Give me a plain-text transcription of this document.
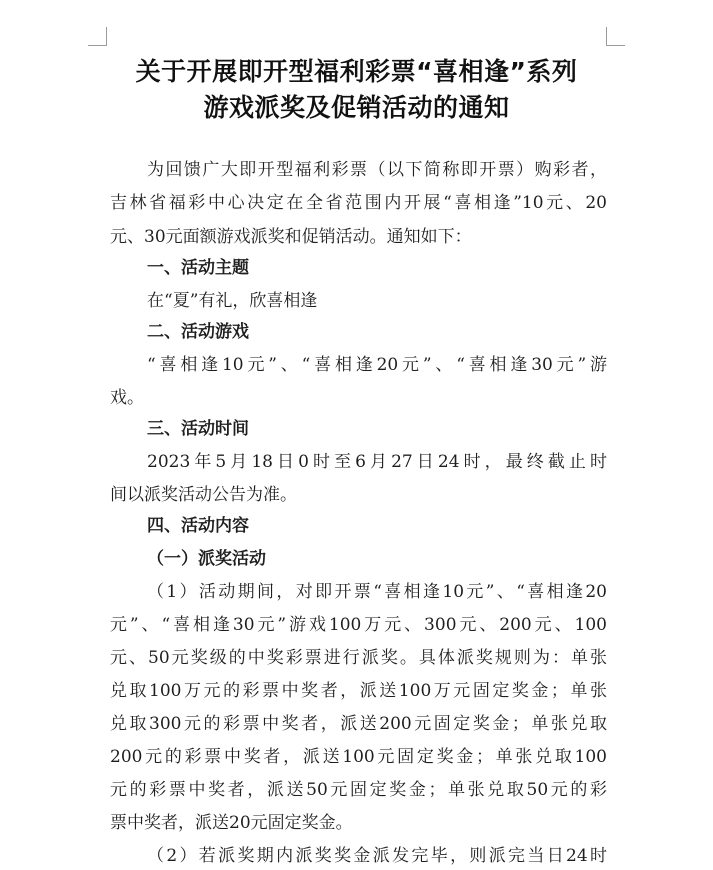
关于开展即开型福利彩票“喜相逢”系列
游戏派奖及促销活动的通知
为回馈广大即开型福利彩票（以下简称即开票）购彩者，
吉林省福彩中心决定在全省范围内开展“喜相逢”10元、20
元、30元面额游戏派奖和促销活动。通知如下：
一、活动主题
在“夏”有礼，欣喜相逢
二、活动游戏
“喜相逢10元”、“喜相逢20元”、“喜相逢30元”游
戏。
三、活动时间
2023年5月18日0时至6月27日24时，最终截止时
间以派奖活动公告为准。
四、活动内容
（一）派奖活动
（1）活动期间，对即开票“喜相逢10元”、“喜相逢20
元”、“喜相逢30元”游戏100万元、300元、200元、100
元、50元奖级的中奖彩票进行派奖。具体派奖规则为：单张
兑取100万元的彩票中奖者，派送100万元固定奖金；单张
兑取300元的彩票中奖者，派送200元固定奖金；单张兑取
200元的彩票中奖者，派送100元固定奖金；单张兑取100
元的彩票中奖者，派送50元固定奖金；单张兑取50元的彩
票中奖者，派送20元固定奖金。
（2）若派奖期内派奖奖金派发完毕，则派完当日24时
